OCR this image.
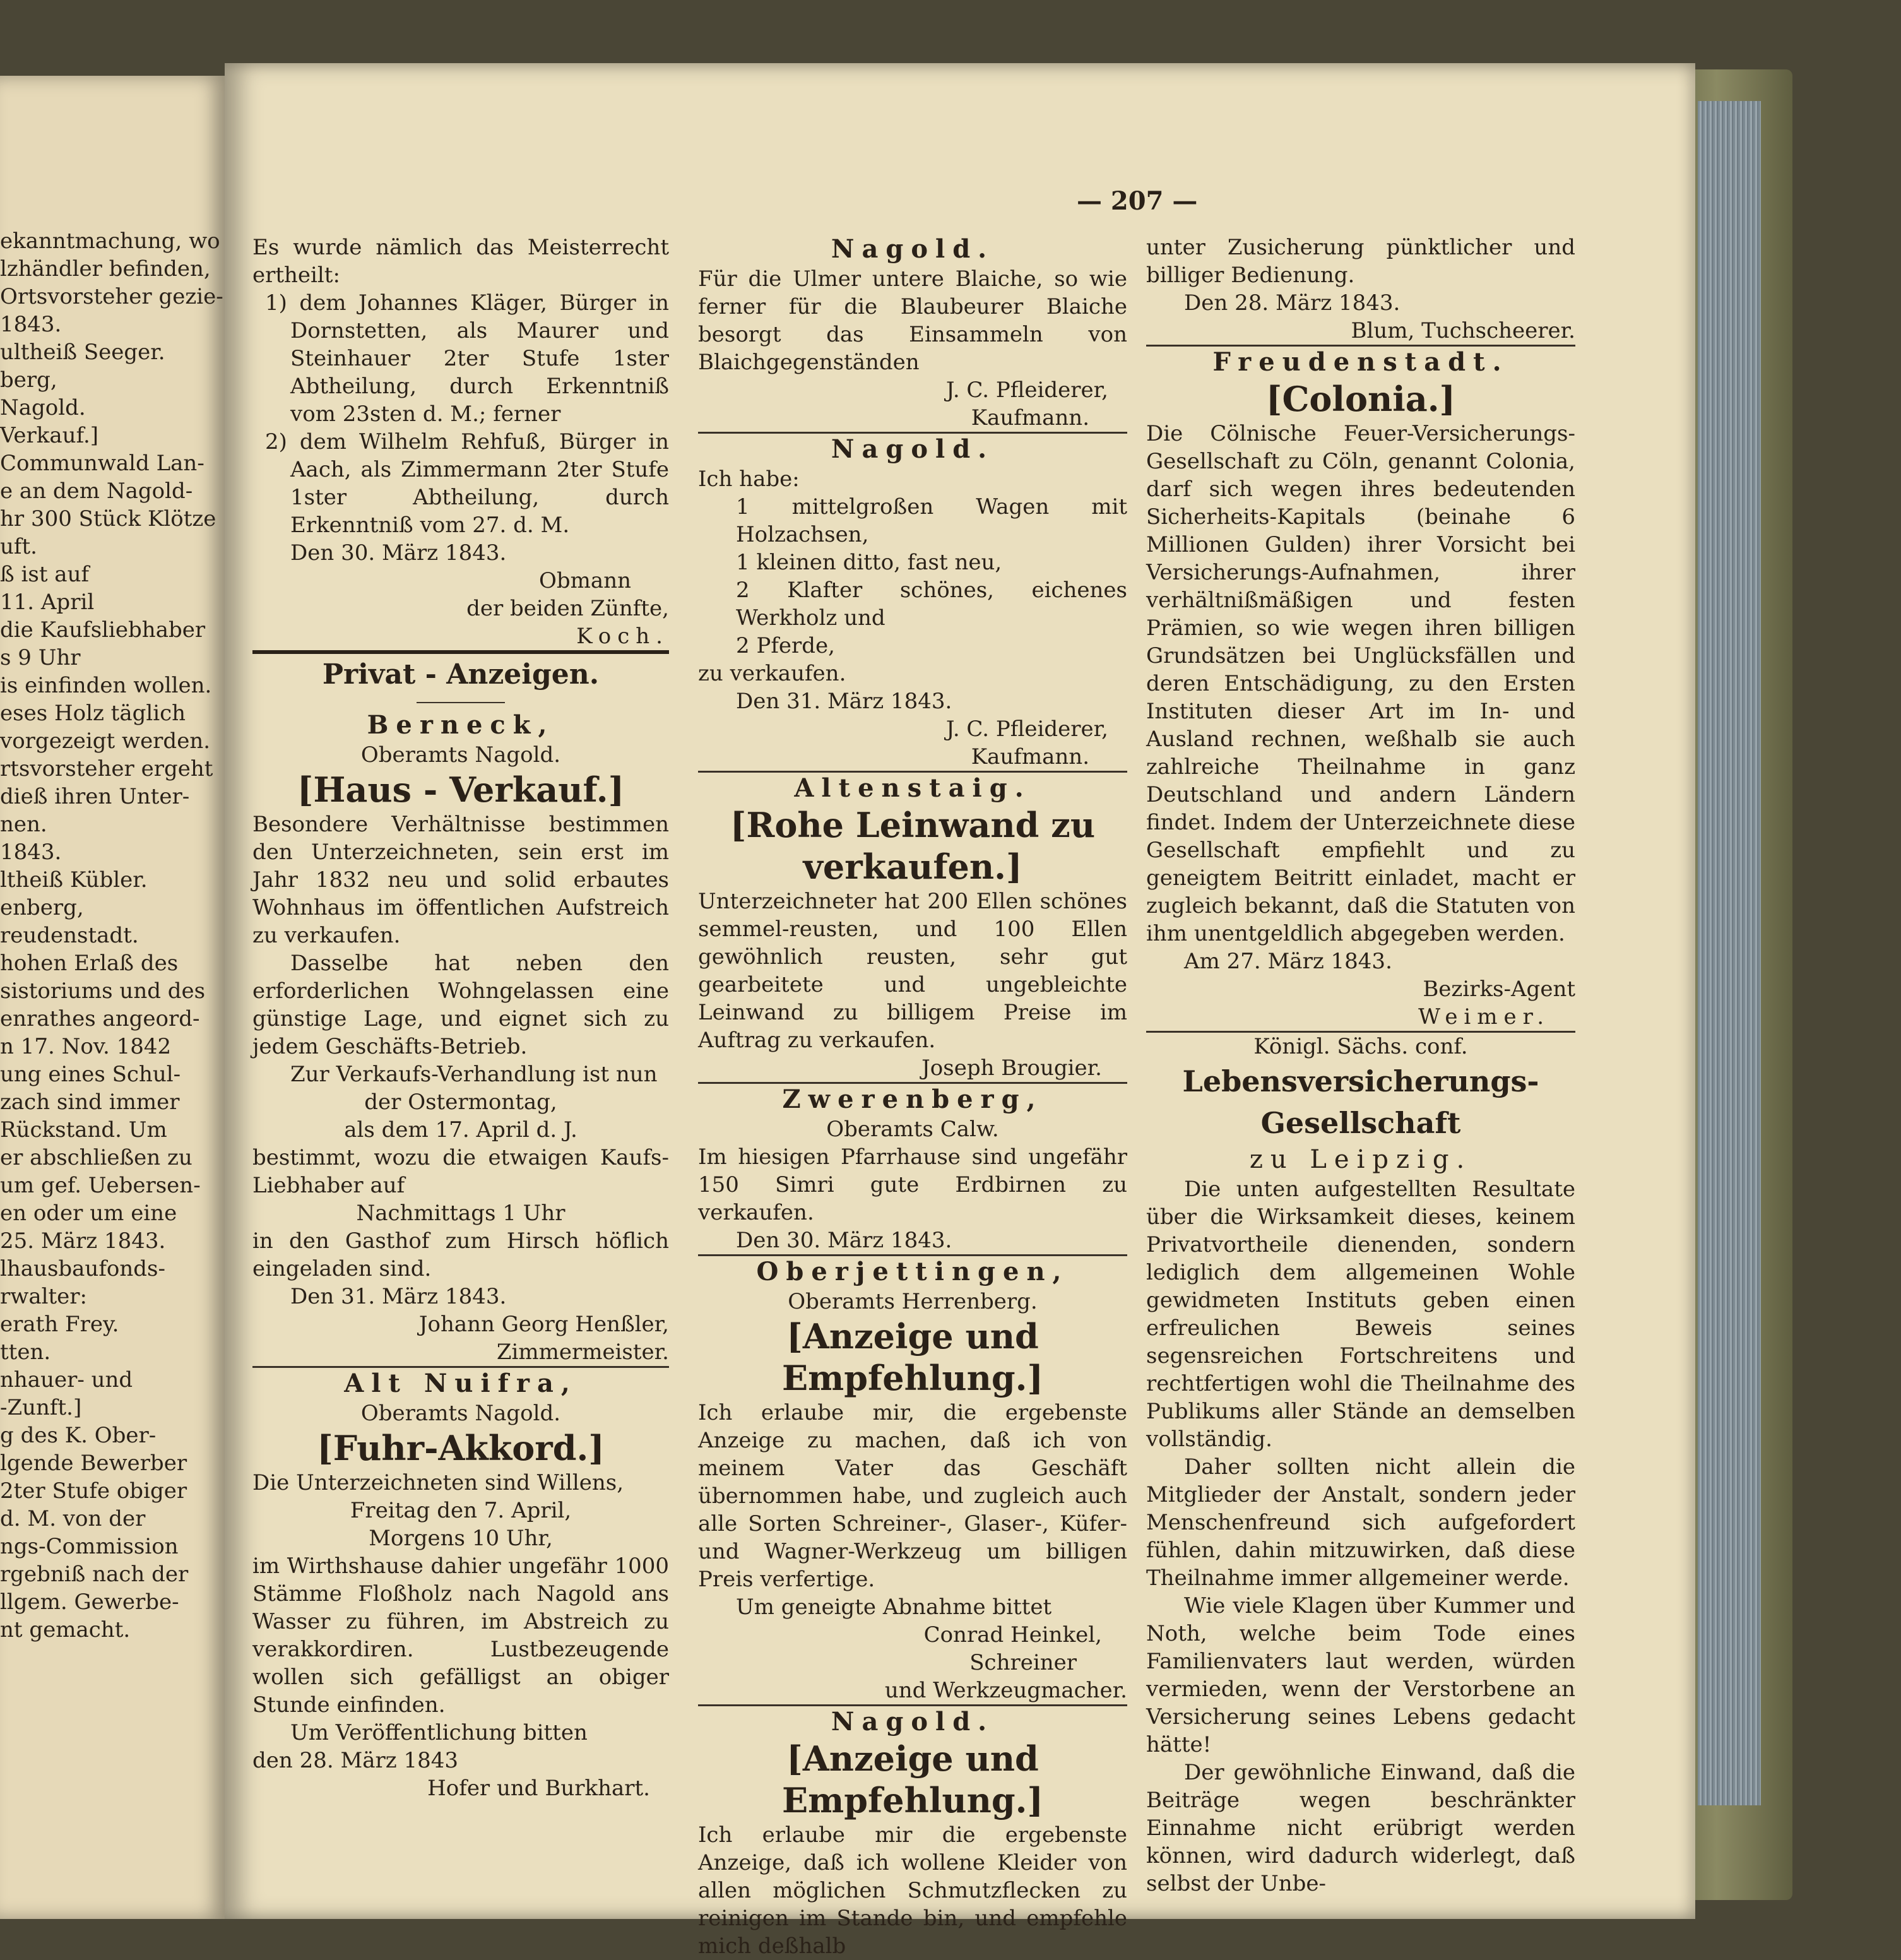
ekanntmachung, wo
lzhändler befinden,
Ortsvorsteher gezie-
1843.
ultheiß Seeger.
berg,
Nagold.
Verkauf.]
Communwald Lan-
e an dem Nagold-
hr 300 Stück Klötze
uft.
ß ist auf
11. April
die Kaufsliebhaber
s 9 Uhr
is einfinden wollen.
eses Holz täglich
vorgezeigt werden.
rtsvorsteher ergeht
dieß ihren Unter-
nen.
1843.
ltheiß Kübler.
enberg,
reudenstadt.
hohen Erlaß des
sistoriums und des
enrathes angeord-
n 17. Nov. 1842
ung eines Schul-
zach sind immer
Rückstand. Um
er abschließen zu
um gef. Uebersen-
en oder um eine
25. März 1843.
lhausbaufonds-
rwalter:
erath Frey.
tten.
nhauer- und
-Zunft.]
g des K. Ober-
lgende Bewerber
2ter Stufe obiger
d. M. von der
ngs-Commission
rgebniß nach der
llgem. Gewerbe-
nt gemacht.
— 207 —

Es wurde nämlich das Meisterrecht ertheilt:

1) dem Johannes Kläger, Bürger in Dornstetten, als Maurer und Steinhauer 2ter Stufe 1ster Abtheilung, durch Erkenntniß vom 23sten d. M.; ferner

2) dem Wilhelm Rehfuß, Bürger in Aach, als Zimmermann 2ter Stufe 1ster Abtheilung, durch Erkenntniß vom 27. d. M.

Den 30. März 1843.

Obmann

der beiden Zünfte,

Koch.

Privat - Anzeigen.

Berneck,

Oberamts Nagold.

[Haus - Verkauf.]

Besondere Verhältnisse bestimmen den Unterzeichneten, sein erst im Jahr 1832 neu und solid erbautes Wohnhaus im öffentlichen Aufstreich zu verkaufen.

Dasselbe hat neben den erforderlichen Wohngelassen eine günstige Lage, und eignet sich zu jedem Geschäfts-Betrieb.

Zur Verkaufs-Verhandlung ist nun

der Ostermontag,

als dem 17. April d. J.

bestimmt, wozu die etwaigen Kaufs-Liebhaber auf

Nachmittags 1 Uhr

in den Gasthof zum Hirsch höflich eingeladen sind.

Den 31. März 1843.

Johann Georg Henßler,

Zimmermeister.

Alt Nuifra,

Oberamts Nagold.

[Fuhr-Akkord.]

Die Unterzeichneten sind Willens,

Freitag den 7. April,

Morgens 10 Uhr,

im Wirthshause dahier ungefähr 1000 Stämme Floßholz nach Nagold ans Wasser zu führen, im Abstreich zu verakkordiren. Lustbezeugende wollen sich gefälligst an obiger Stunde einfinden.

Um Veröffentlichung bitten

den 28. März 1843

Hofer und Burkhart.

Nagold.

Für die Ulmer untere Blaiche, so wie ferner für die Blaubeurer Blaiche besorgt das Einsammeln von Blaichgegenständen

J. C. Pfleiderer,

Kaufmann.

Nagold.

Ich habe:

1 mittelgroßen Wagen mit Holzachsen,

1 kleinen ditto, fast neu,

2 Klafter schönes, eichenes Werkholz und

2 Pferde,

zu verkaufen.

Den 31. März 1843.

J. C. Pfleiderer,

Kaufmann.

Altenstaig.

[Rohe Leinwand zu verkaufen.]

Unterzeichneter hat 200 Ellen schönes semmel-reusten, und 100 Ellen gewöhnlich reusten, sehr gut gearbeitete und ungebleichte Leinwand zu billigem Preise im Auftrag zu verkaufen.

Joseph Brougier.

Zwerenberg,

Oberamts Calw.

Im hiesigen Pfarrhause sind ungefähr 150 Simri gute Erdbirnen zu verkaufen.

Den 30. März 1843.

Oberjettingen,

Oberamts Herrenberg.

[Anzeige und Empfehlung.]

Ich erlaube mir, die ergebenste Anzeige zu machen, daß ich von meinem Vater das Geschäft übernommen habe, und zugleich auch alle Sorten Schreiner-, Glaser-, Küfer- und Wagner-Werkzeug um billigen Preis verfertige.

Um geneigte Abnahme bittet

Conrad Heinkel,

Schreiner

und Werkzeugmacher.

Nagold.

[Anzeige und Empfehlung.]

Ich erlaube mir die ergebenste Anzeige, daß ich wollene Kleider von allen möglichen Schmutzflecken zu reinigen im Stande bin, und empfehle mich deßhalb

unter Zusicherung pünktlicher und billiger Bedienung.

Den 28. März 1843.

Blum, Tuchscheerer.

Freudenstadt.

[Colonia.]

Die Cölnische Feuer-Versicherungs-Gesellschaft zu Cöln, genannt Colonia, darf sich wegen ihres bedeutenden Sicherheits-Kapitals (beinahe 6 Millionen Gulden) ihrer Vorsicht bei Versicherungs-Aufnahmen, ihrer verhältnißmäßigen und festen Prämien, so wie wegen ihren billigen Grundsätzen bei Unglücksfällen und deren Entschädigung, zu den Ersten Instituten dieser Art im In- und Ausland rechnen, weßhalb sie auch zahlreiche Theilnahme in ganz Deutschland und andern Ländern findet. Indem der Unterzeichnete diese Gesellschaft empfiehlt und zu geneigtem Beitritt einladet, macht er zugleich bekannt, daß die Statuten von ihm unentgeldlich abgegeben werden.

Am 27. März 1843.

Bezirks-Agent

Weimer.

Königl. Sächs. conf.

Lebensversicherungs-Gesellschaft

zu Leipzig.

Die unten aufgestellten Resultate über die Wirksamkeit dieses, keinem Privatvortheile dienenden, sondern lediglich dem allgemeinen Wohle gewidmeten Instituts geben einen erfreulichen Beweis seines segensreichen Fortschreitens und rechtfertigen wohl die Theilnahme des Publikums aller Stände an demselben vollständig.

Daher sollten nicht allein die Mitglieder der Anstalt, sondern jeder Menschenfreund sich aufgefordert fühlen, dahin mitzuwirken, daß diese Theilnahme immer allgemeiner werde.

Wie viele Klagen über Kummer und Noth, welche beim Tode eines Familienvaters laut werden, würden vermieden, wenn der Verstorbene an Versicherung seines Lebens gedacht hätte!

Der gewöhnliche Einwand, daß die Beiträge wegen beschränkter Einnahme nicht erübrigt werden können, wird dadurch widerlegt, daß selbst der Unbe-
